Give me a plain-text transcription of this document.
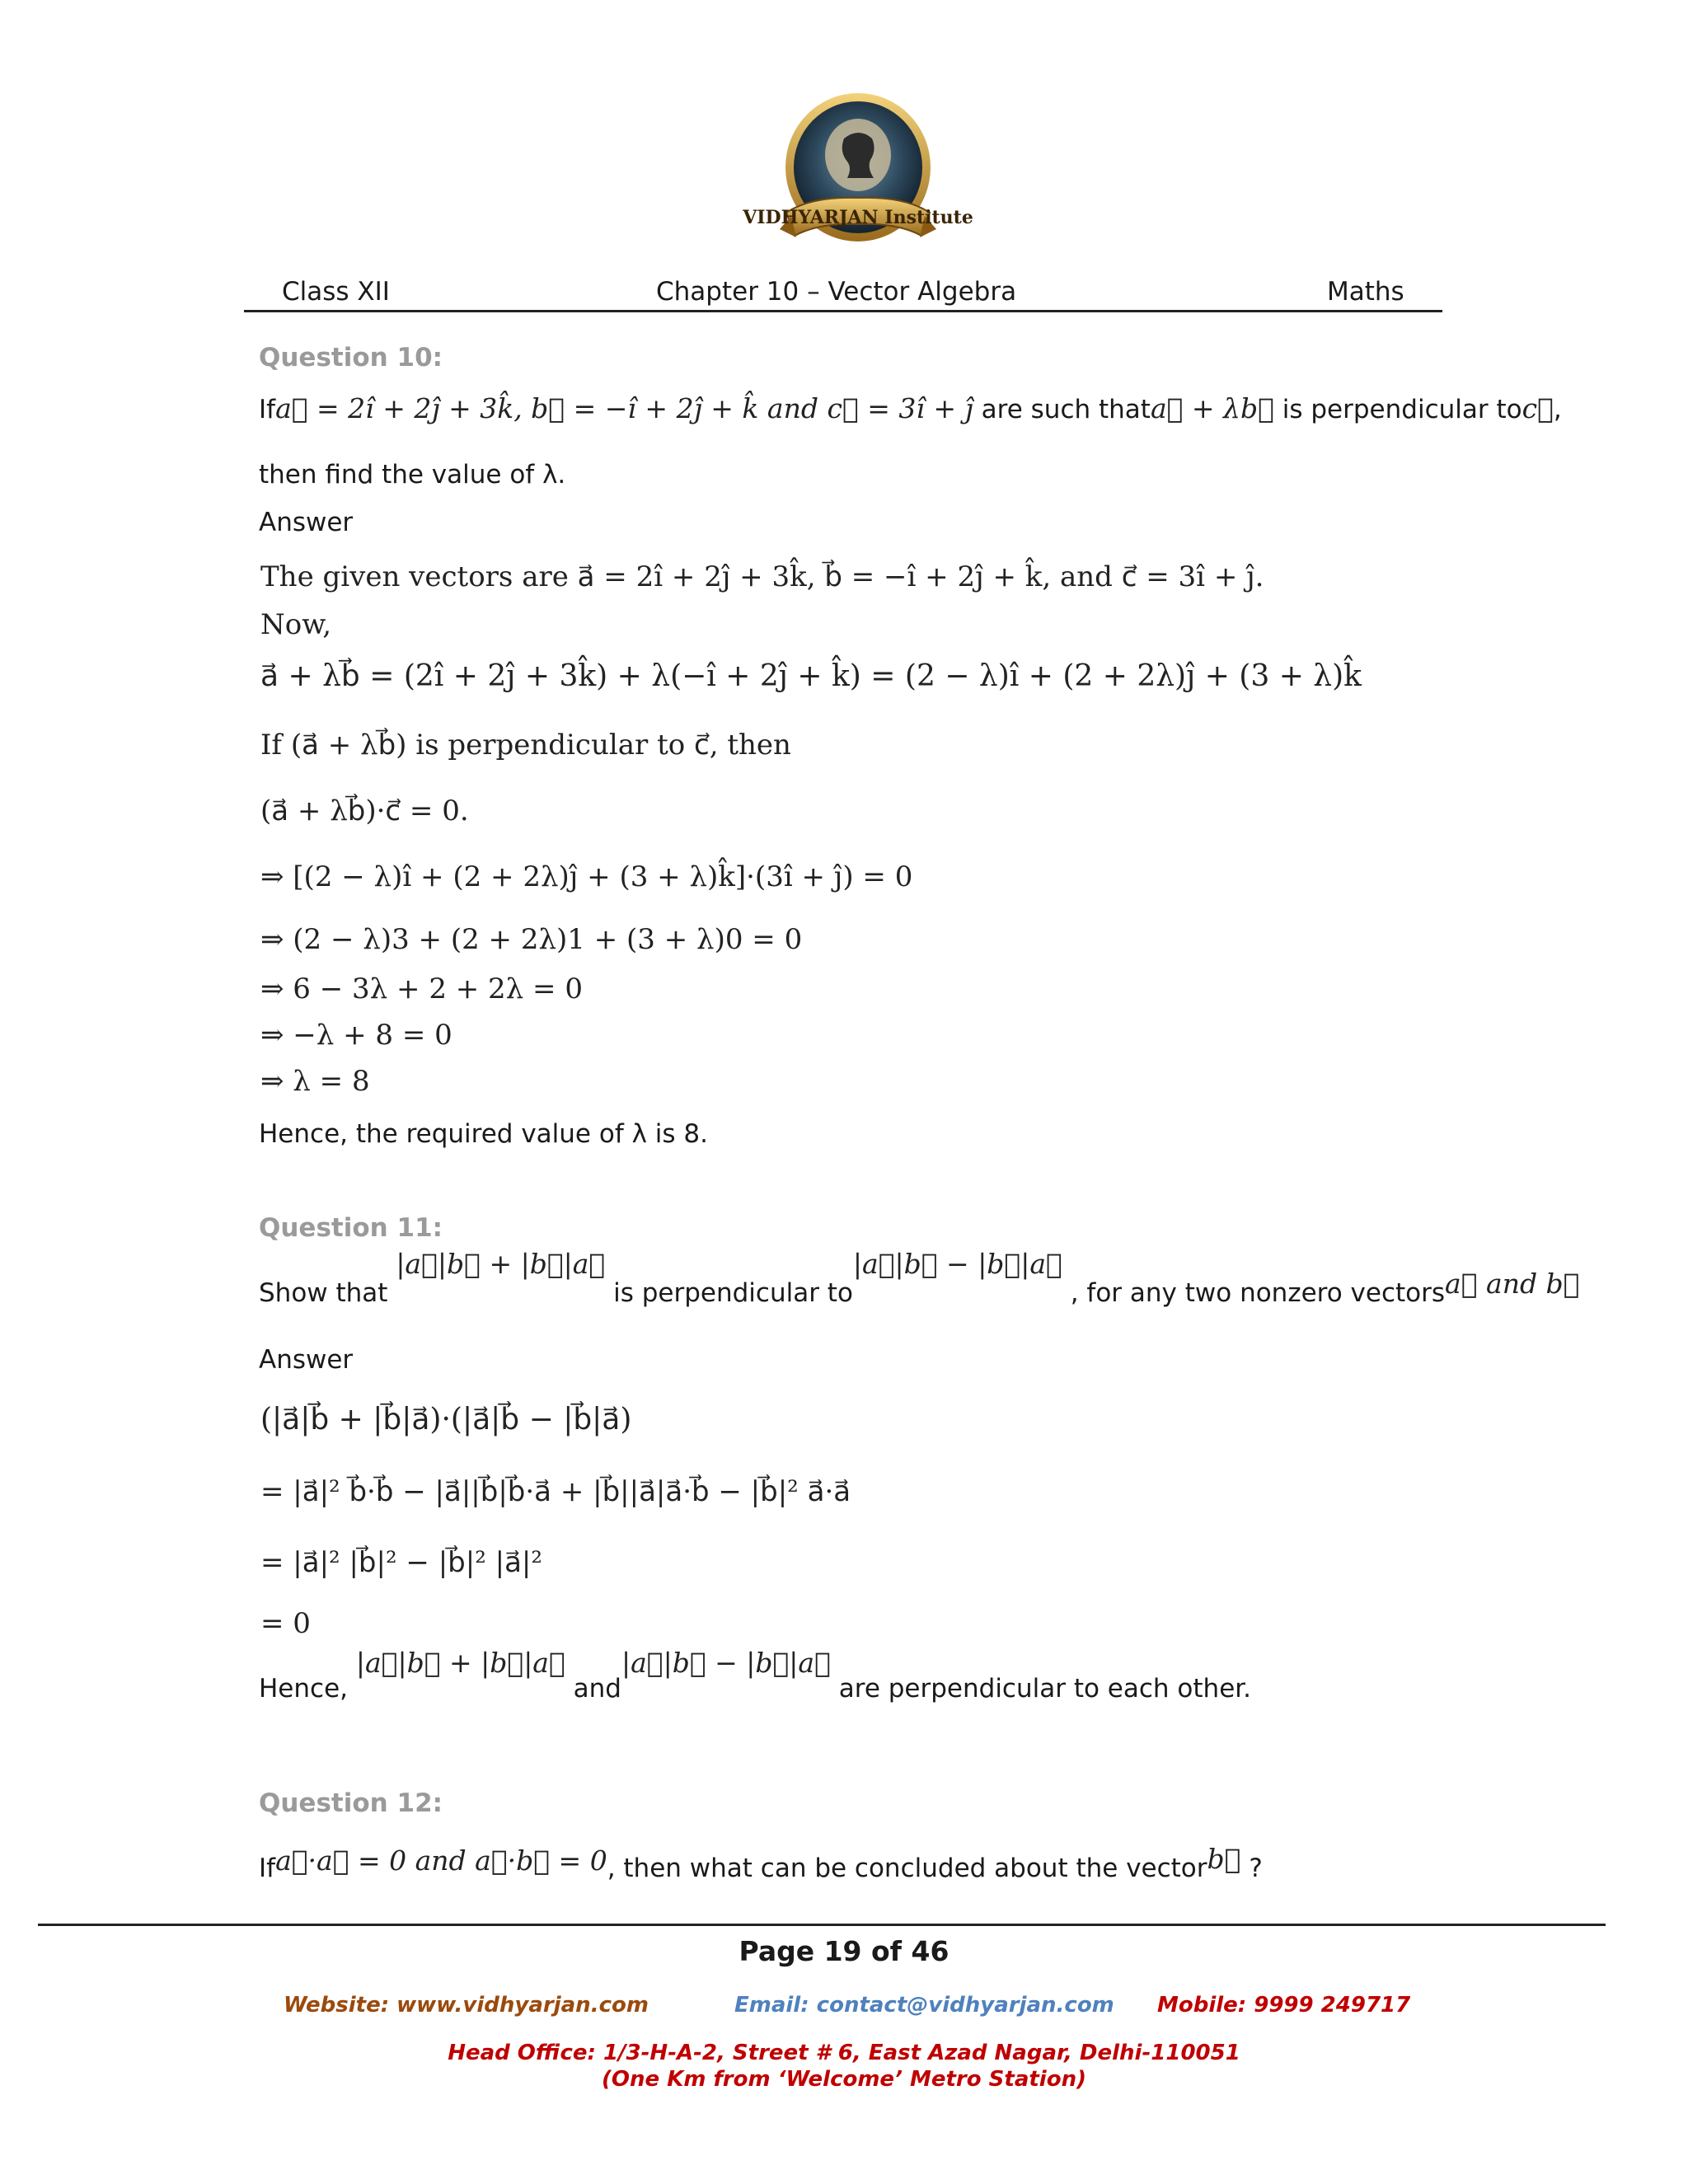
VIDHYARJAN Institute
Class XII	Chapter 10 – Vector Algebra	Maths
Question 10:
Ifa⃗ = 2î + 2ĵ + 3k̂, b⃗ = −î + 2ĵ + k̂ and c⃗ = 3î + ĵ are such thata⃗ + λb⃗ is perpendicular toc⃗,
then find the value of λ.
Answer
The given vectors are a⃗ = 2î + 2ĵ + 3k̂, b⃗ = −î + 2ĵ + k̂, and c⃗ = 3î + ĵ.
Now,
a⃗ + λb⃗ = (2î + 2ĵ + 3k̂) + λ(−î + 2ĵ + k̂) = (2 − λ)î + (2 + 2λ)ĵ + (3 + λ)k̂
If (a⃗ + λb⃗) is perpendicular to c⃗, then
(a⃗ + λb⃗)·c⃗ = 0.
⇒ [(2 − λ)î + (2 + 2λ)ĵ + (3 + λ)k̂]·(3î + ĵ) = 0
⇒ (2 − λ)3 + (2 + 2λ)1 + (3 + λ)0 = 0
⇒ 6 − 3λ + 2 + 2λ = 0
⇒ −λ + 8 = 0
⇒ λ = 8
Hence, the required value of λ is 8.
Question 11:
Show that |a⃗|b⃗ + |b⃗|a⃗ is perpendicular to|a⃗|b⃗ − |b⃗|a⃗ , for any two nonzero vectorsa⃗ and b⃗
Answer
(|a⃗|b⃗ + |b⃗|a⃗)·(|a⃗|b⃗ − |b⃗|a⃗)
= |a⃗|² b⃗·b⃗ − |a⃗||b⃗|b⃗·a⃗ + |b⃗||a⃗|a⃗·b⃗ − |b⃗|² a⃗·a⃗
= |a⃗|² |b⃗|² − |b⃗|² |a⃗|²
= 0
Hence, |a⃗|b⃗ + |b⃗|a⃗ and|a⃗|b⃗ − |b⃗|a⃗ are perpendicular to each other.
Question 12:
Ifa⃗·a⃗ = 0 and a⃗·b⃗ = 0, then what can be concluded about the vectorb⃗ ?
Page 19 of 46
Website: www.vidhyarjan.com	Email: contact@vidhyarjan.com Mobile: 9999 249717
Head Office: 1/3-H-A-2, Street # 6, East Azad Nagar, Delhi-110051
(One Km from ‘Welcome’ Metro Station)
